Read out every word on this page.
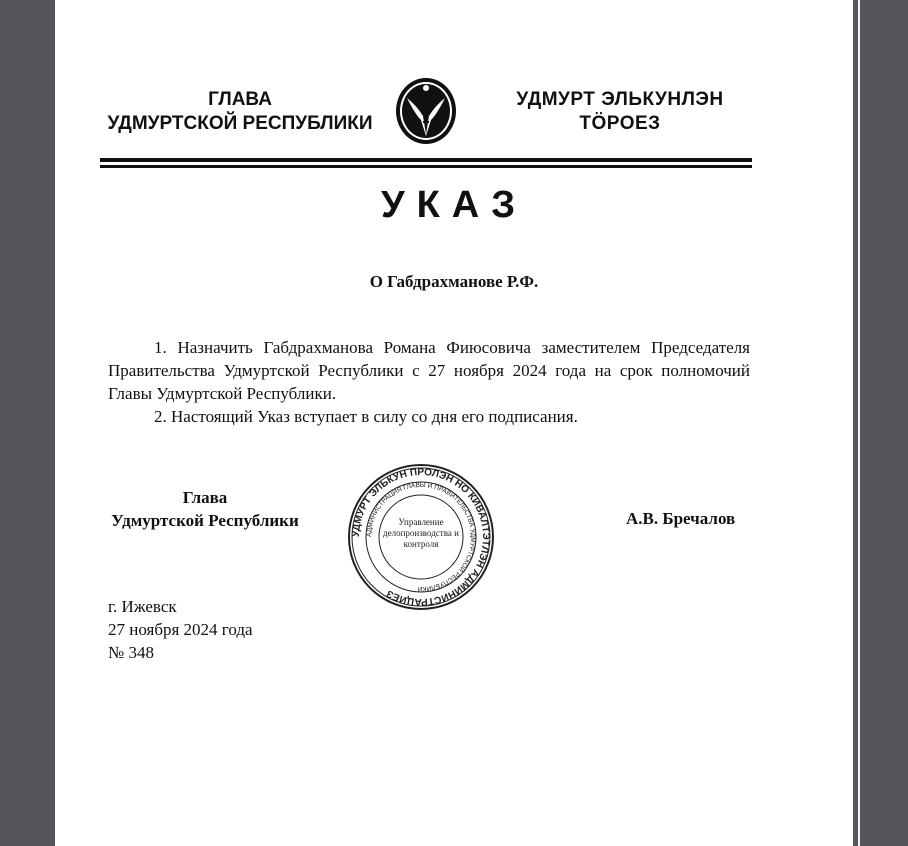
ГЛАВА
УДМУРТСКОЙ РЕСПУБЛИКИ
УДМУРТ ЭЛЬКУНЛЭН
ТӦРОЕЗ
УКАЗ
О Габдрахманове Р.Ф.

1. Назначить Габдрахманова Романа Фиюсовича заместителем Председателя Правительства Удмуртской Республики с 27 ноября 2024 года на срок полномочий Главы Удмуртской Республики.

2. Настоящий Указ вступает в силу со дня его подписания.

Глава
Удмуртской Республики	А.В. Бречалов
УДМУРТ ЭЛЬКУН ПРОЛЭН НО КИВАЛТЭТЛЭН АДМИНИСТРАЦИЕЗ
АДМИНИСТРАЦИЯ ГЛАВЫ И ПРАВИТЕЛЬСТВА УДМУРТСКОЙ РЕСПУБЛИКИ
Управление делопроизводства и контроля
г. Ижевск
27 ноября 2024 года
№ 348
